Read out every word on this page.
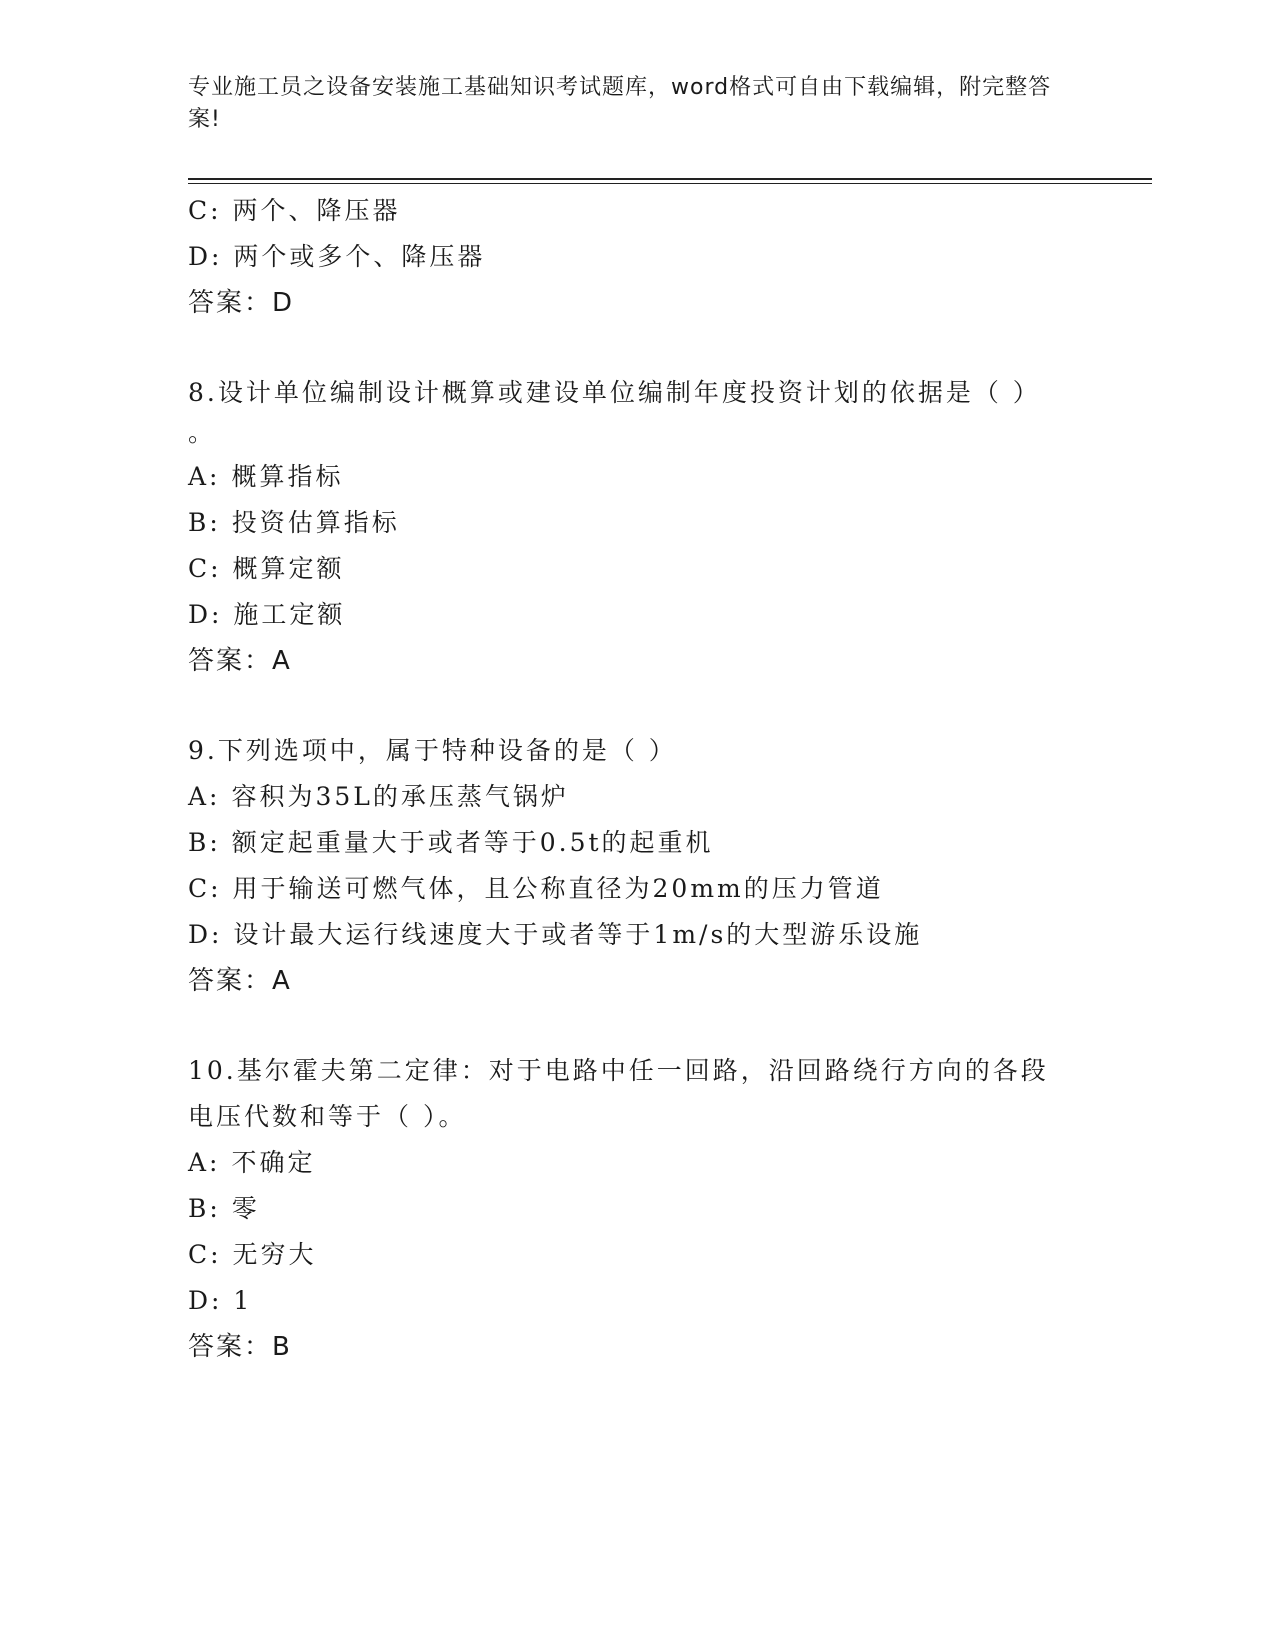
专业施工员之设备安装施工基础知识考试题库，word格式可自由下载编辑，附完整答案!
C: 两个、降压器
D: 两个或多个、降压器
答案：D
8.设计单位编制设计概算或建设单位编制年度投资计划的依据是（ ）
。
A: 概算指标
B: 投资估算指标
C: 概算定额
D: 施工定额
答案：A
9.下列选项中，属于特种设备的是（ ）
A: 容积为35L的承压蒸气锅炉
B: 额定起重量大于或者等于0.5t的起重机
C: 用于输送可燃气体，且公称直径为20mm的压力管道
D: 设计最大运行线速度大于或者等于1m/s的大型游乐设施
答案：A
10.基尔霍夫第二定律：对于电路中任一回路，沿回路绕行方向的各段
电压代数和等于（ ）。
A: 不确定
B: 零
C: 无穷大
D: 1
答案：B
